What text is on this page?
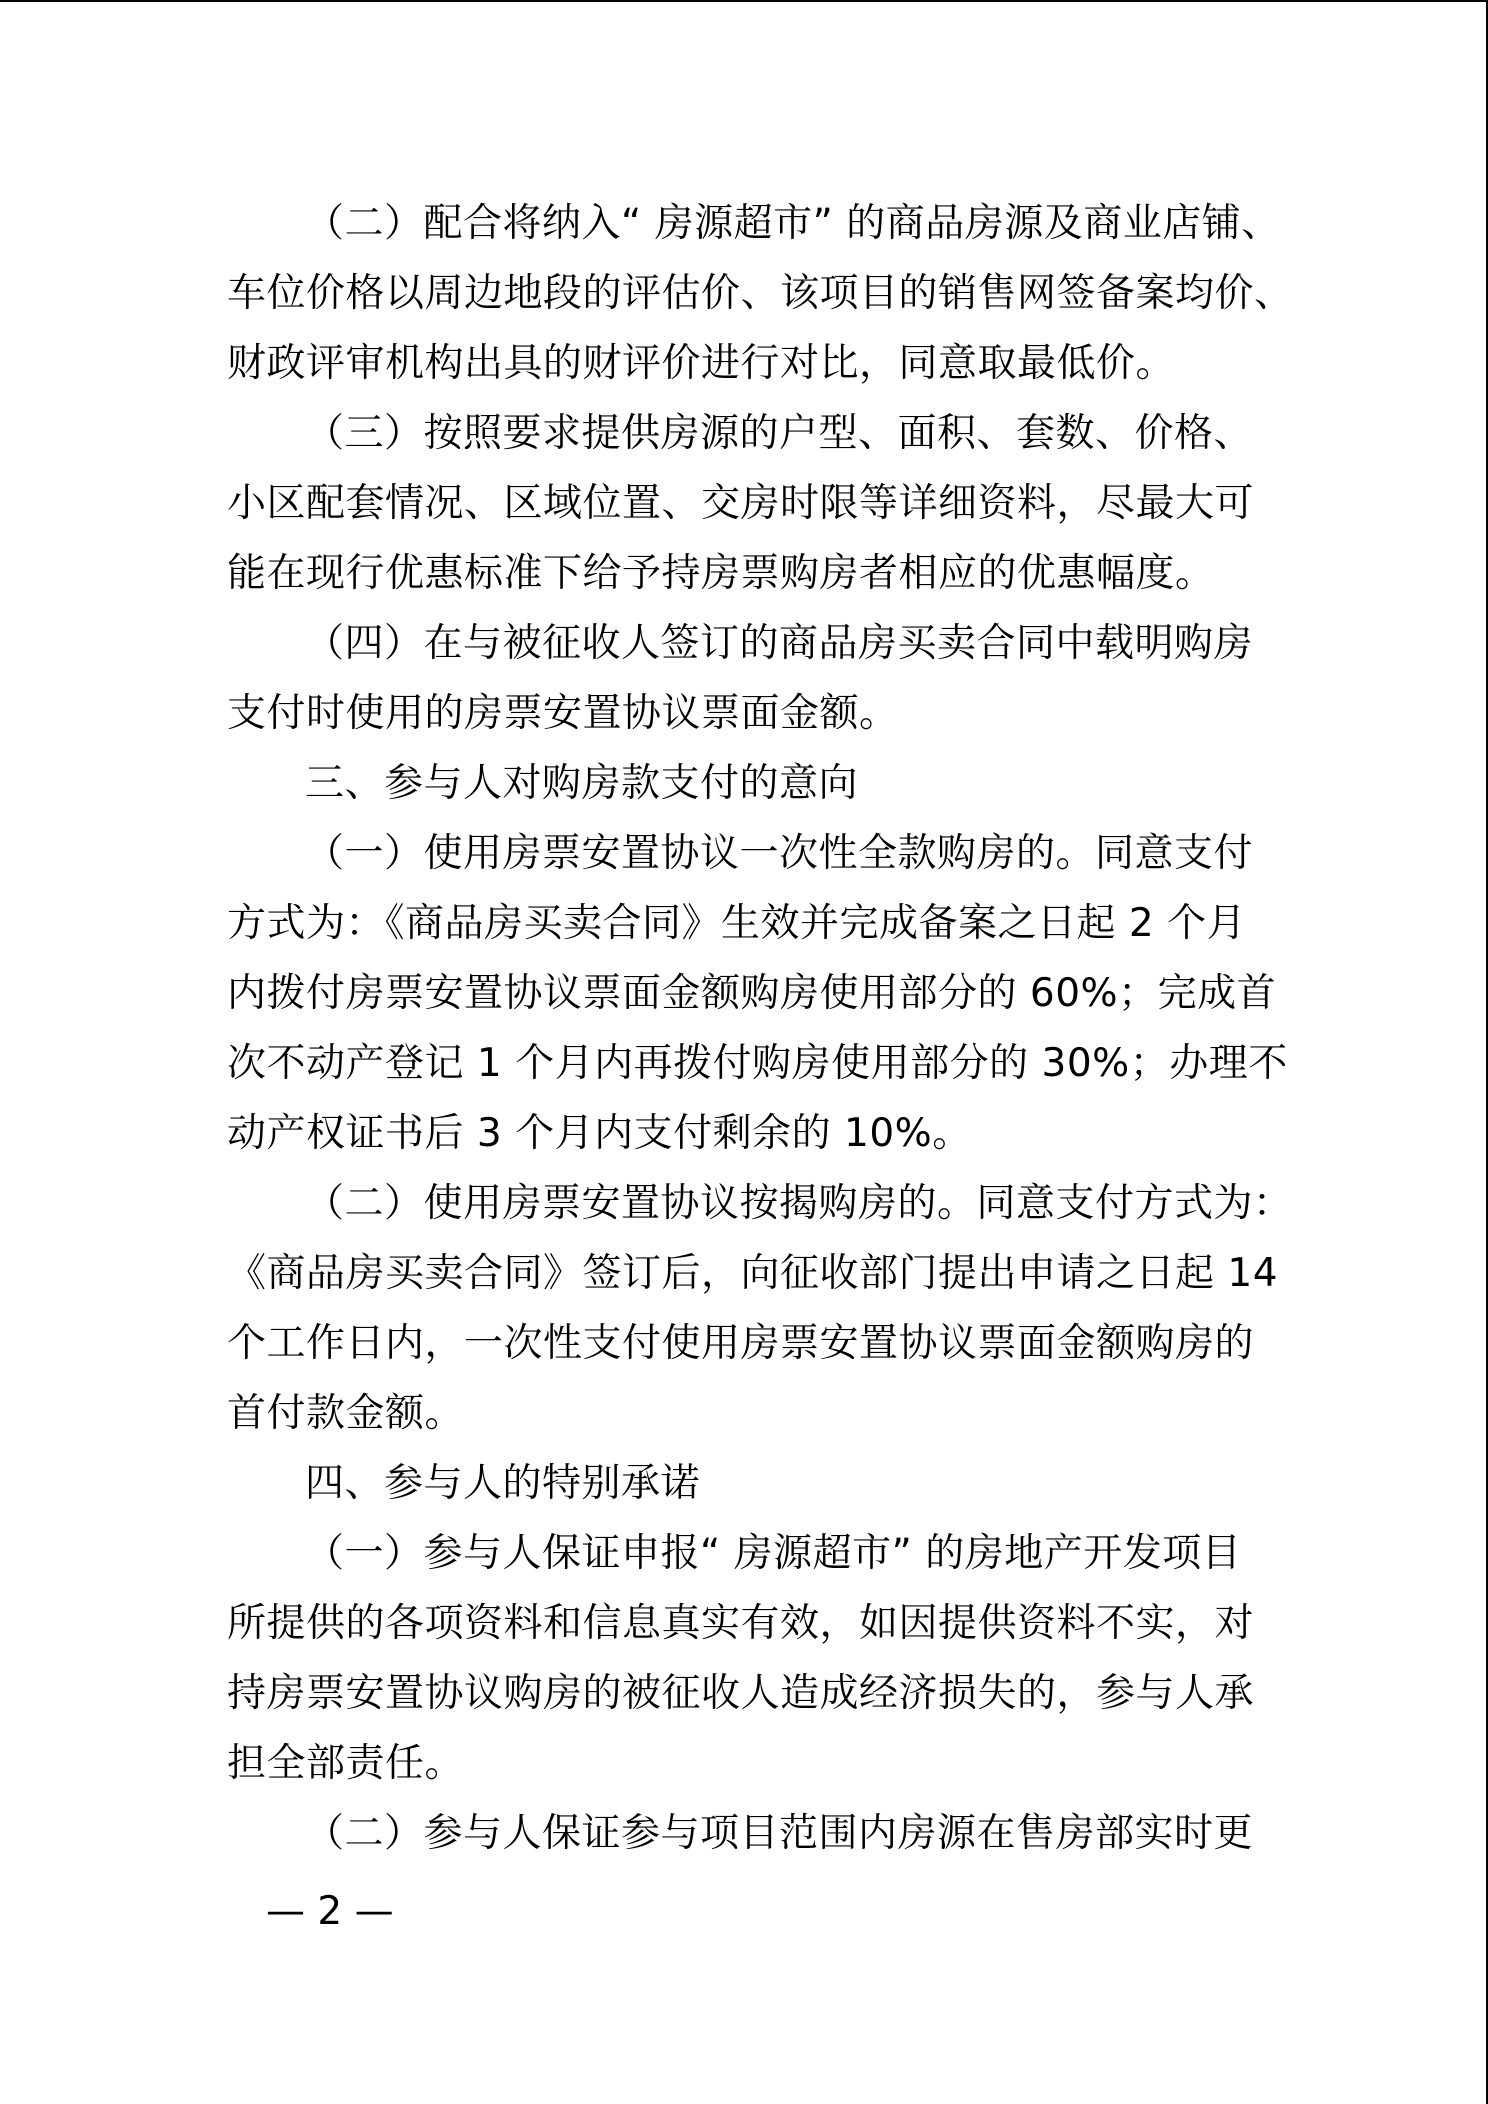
（二）配合将纳入“ 房源超市” 的商品房源及商业店铺、
车位价格以周边地段的评估价、该项目的销售网签备案均价、
财政评审机构出具的财评价进行对比，同意取最低价。
（三）按照要求提供房源的户型、面积、套数、价格、
小区配套情况、区域位置、交房时限等详细资料，尽最大可
能在现行优惠标准下给予持房票购房者相应的优惠幅度。
（四）在与被征收人签订的商品房买卖合同中载明购房
支付时使用的房票安置协议票面金额。
三、参与人对购房款支付的意向
（一）使用房票安置协议一次性全款购房的。同意支付
方式为：《商品房买卖合同》生效并完成备案之日起 2 个月
内拨付房票安置协议票面金额购房使用部分的 60%；完成首
次不动产登记 1 个月内再拨付购房使用部分的 30%；办理不
动产权证书后 3 个月内支付剩余的 10%。
（二）使用房票安置协议按揭购房的。同意支付方式为：
《商品房买卖合同》签订后，向征收部门提出申请之日起 14
个工作日内，一次性支付使用房票安置协议票面金额购房的
首付款金额。
四、参与人的特别承诺
（一）参与人保证申报“ 房源超市” 的房地产开发项目
所提供的各项资料和信息真实有效，如因提供资料不实，对
持房票安置协议购房的被征收人造成经济损失的，参与人承
担全部责任。
（二）参与人保证参与项目范围内房源在售房部实时更
— 2 —
